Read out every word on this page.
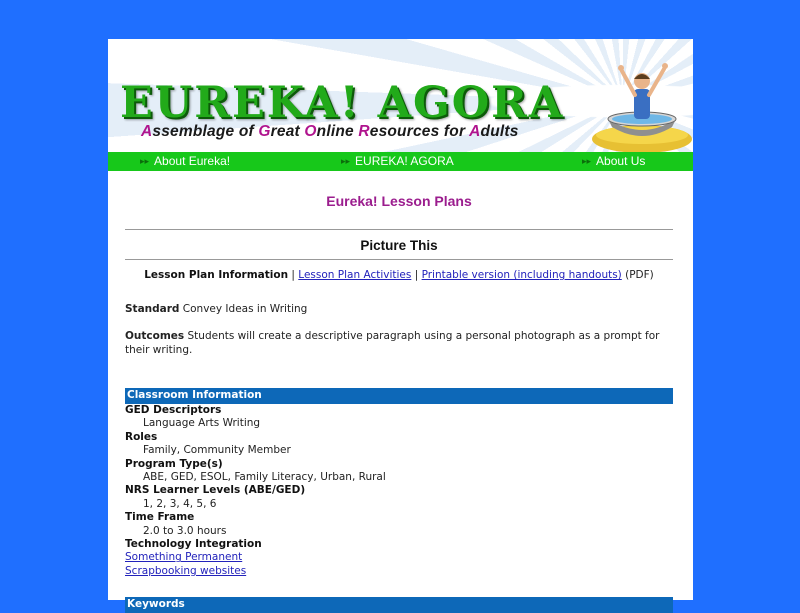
EUREKA! AGORA
Assemblage of Great Online Resources for Adults
▸▸ About Eureka!	▸▸ EUREKA! AGORA	▸▸ About Us
Eureka! Lesson Plans
Picture This
Lesson Plan Information | Lesson Plan Activities | Printable version (including handouts) (PDF)
Standard Convey Ideas in Writing
Outcomes Students will create a descriptive paragraph using a personal photograph as a prompt for their writing.
Classroom Information
GED Descriptors
Language Arts Writing
Roles
Family, Community Member
Program Type(s)
ABE, GED, ESOL, Family Literacy, Urban, Rural
NRS Learner Levels (ABE/GED)
1, 2, 3, 4, 5, 6
Time Frame
2.0 to 3.0 hours
Technology Integration
Something Permanent
Scrapbooking websites
Keywords
